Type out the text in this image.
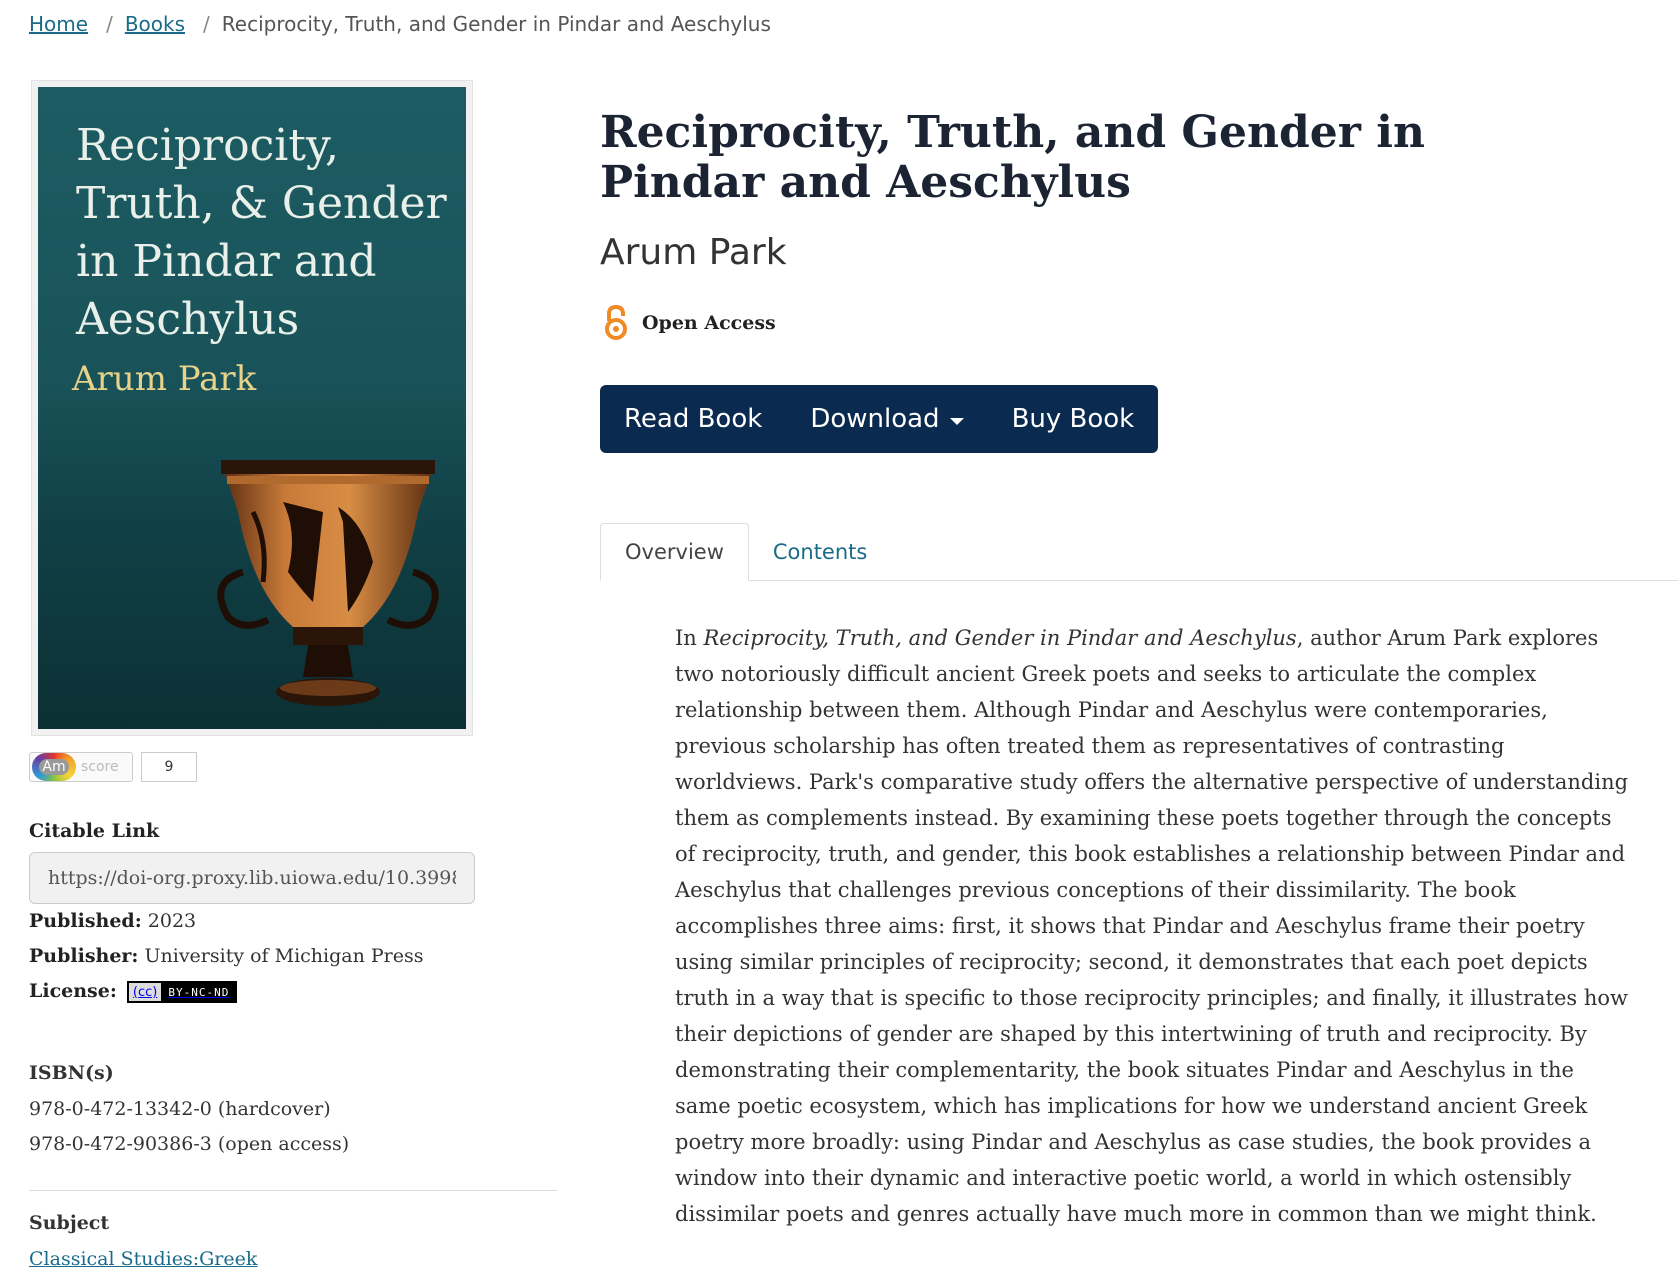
Home / Books / Reciprocity, Truth, and Gender in Pindar and Aeschylus
Reciprocity, Truth, & Gender in Pindar and Aeschylus
Arum Park
Am score	9
Citable Link
https://doi-org.proxy.lib.uiowa.edu/10.3998/mpub.12345678
Published: 2023
Publisher: University of Michigan Press
License:	(cc)	BY-NC-ND
ISBN(s)
978-0-472-13342-0 (hardcover)
978-0-472-90386-3 (open access)
Subject
Classical Studies:Greek
Reciprocity, Truth, and Gender in Pindar and Aeschylus
Arum Park
Open Access
Read Book Download	Buy Book
Overview	Contents
In Reciprocity, Truth, and Gender in Pindar and Aeschylus, author Arum Park explores two notoriously difficult ancient Greek poets and seeks to articulate the complex relationship between them. Although Pindar and Aeschylus were contemporaries, previous scholarship has often treated them as representatives of contrasting worldviews. Park's comparative study offers the alternative perspective of understanding them as complements instead. By examining these poets together through the concepts of reciprocity, truth, and gender, this book establishes a relationship between Pindar and Aeschylus that challenges previous conceptions of their dissimilarity. The book accomplishes three aims: first, it shows that Pindar and Aeschylus frame their poetry using similar principles of reciprocity; second, it demonstrates that each poet depicts truth in a way that is specific to those reciprocity principles; and finally, it illustrates how their depictions of gender are shaped by this intertwining of truth and reciprocity. By demonstrating their complementarity, the book situates Pindar and Aeschylus in the same poetic ecosystem, which has implications for how we understand ancient Greek poetry more broadly: using Pindar and Aeschylus as case studies, the book provides a window into their dynamic and interactive poetic world, a world in which ostensibly dissimilar poets and genres actually have much more in common than we might think.
